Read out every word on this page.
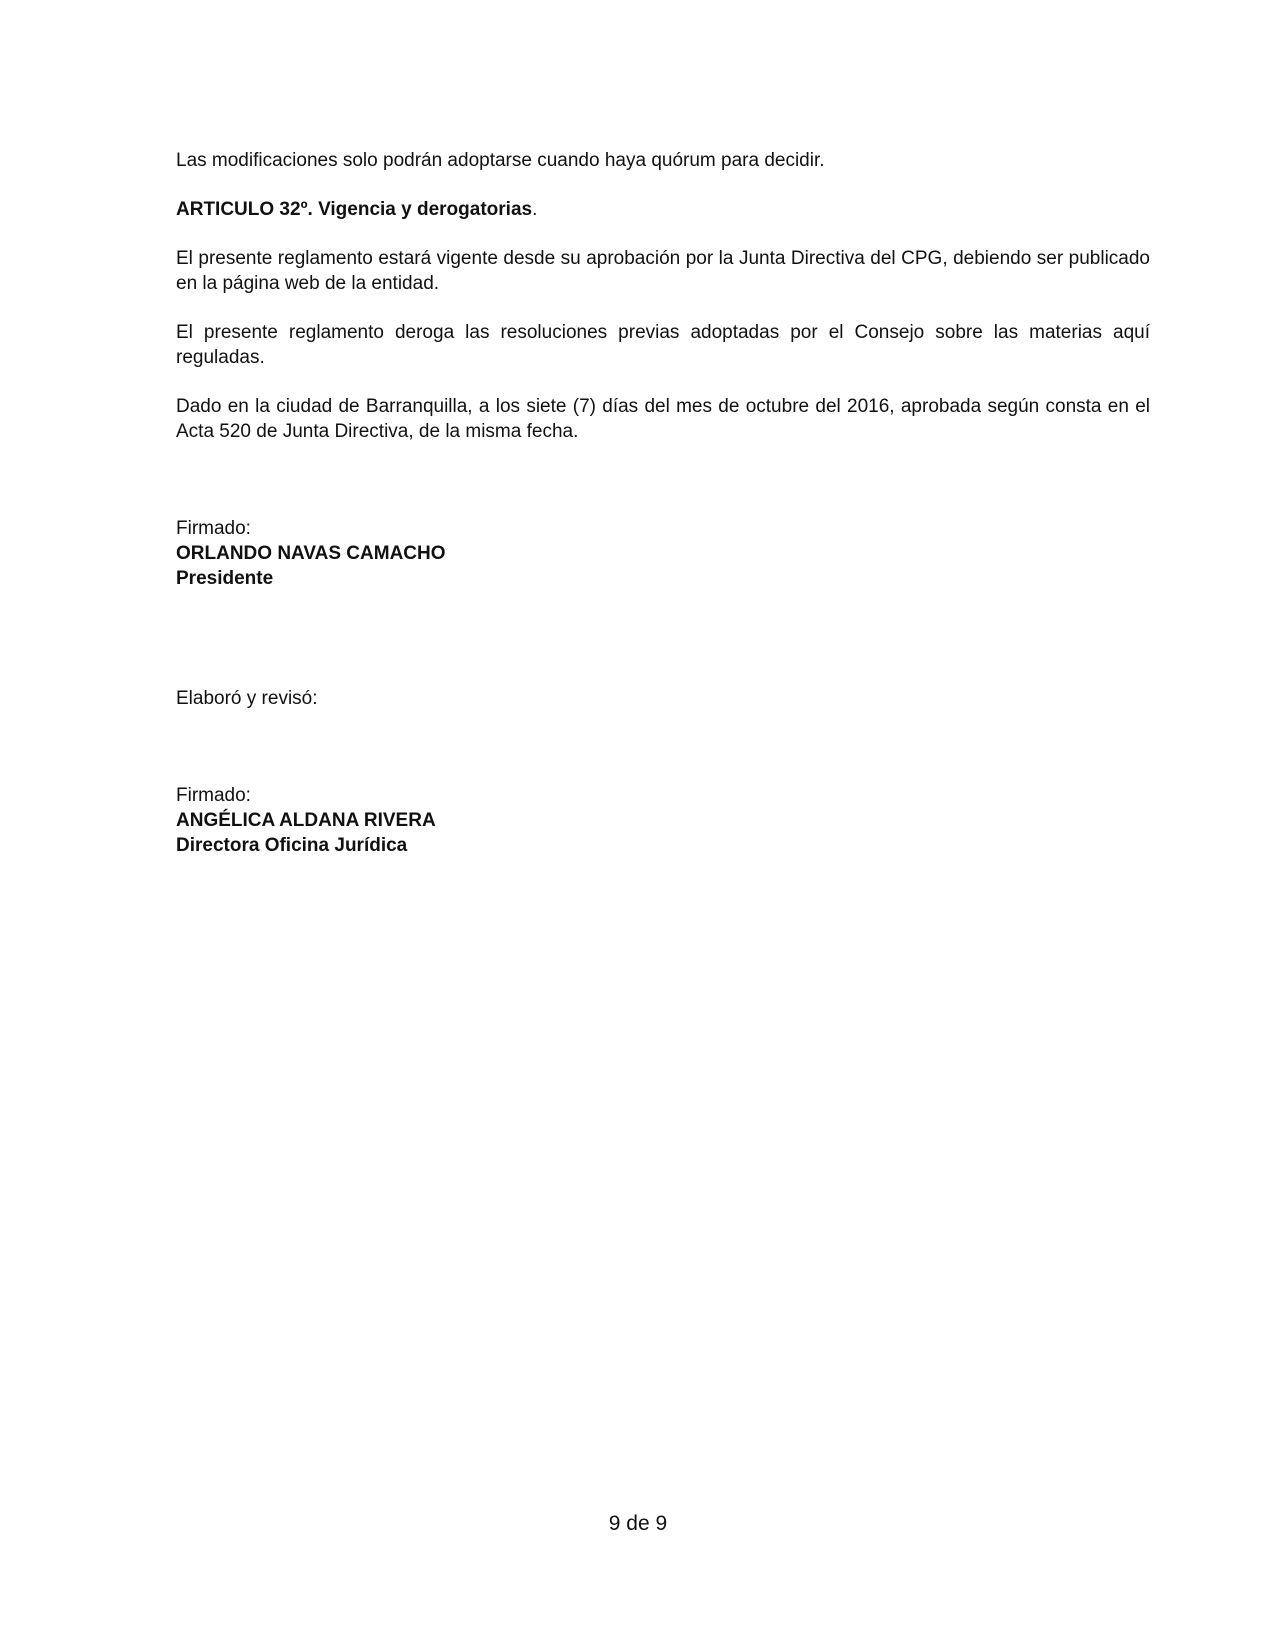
Las modificaciones solo podrán adoptarse cuando haya quórum para decidir.

ARTICULO 32º. Vigencia y derogatorias.

El presente reglamento estará vigente desde su aprobación por la Junta Directiva del CPG, debiendo ser publicado en la página web de la entidad.

El presente reglamento deroga las resoluciones previas adoptadas por el Consejo sobre las materias aquí reguladas.

Dado en la ciudad de Barranquilla, a los siete (7) días del mes de octubre del 2016, aprobada según consta en el Acta 520 de Junta Directiva, de la misma fecha.

Firmado:

ORLANDO NAVAS CAMACHO

Presidente

Elaboró y revisó:

Firmado:

ANGÉLICA ALDANA RIVERA

Directora Oficina Jurídica

9 de 9
